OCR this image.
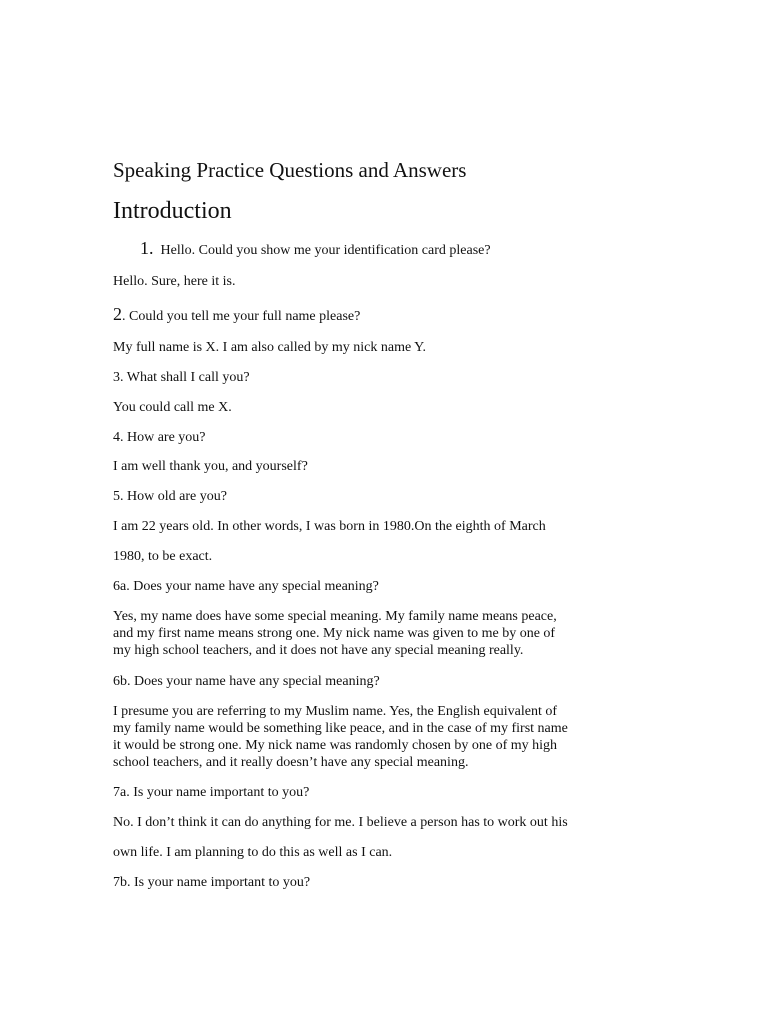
Speaking Practice Questions and Answers
Introduction
1. Hello. Could you show me your identification card please?
Hello. Sure, here it is.
2. Could you tell me your full name please?
My full name is X. I am also called by my nick name Y.
3. What shall I call you?
You could call me X.
4. How are you?
I am well thank you, and yourself?
5. How old are you?
I am 22 years old. In other words, I was born in 1980.On the eighth of March
1980, to be exact.
6a. Does your name have any special meaning?
Yes, my name does have some special meaning. My family name means peace,
and my first name means strong one. My nick name was given to me by one of
my high school teachers, and it does not have any special meaning really.
6b. Does your name have any special meaning?
I presume you are referring to my Muslim name. Yes, the English equivalent of
my family name would be something like peace, and in the case of my first name
it would be strong one. My nick name was randomly chosen by one of my high
school teachers, and it really doesn’t have any special meaning.
7a. Is your name important to you?
No. I don’t think it can do anything for me. I believe a person has to work out his
own life. I am planning to do this as well as I can.
7b. Is your name important to you?
